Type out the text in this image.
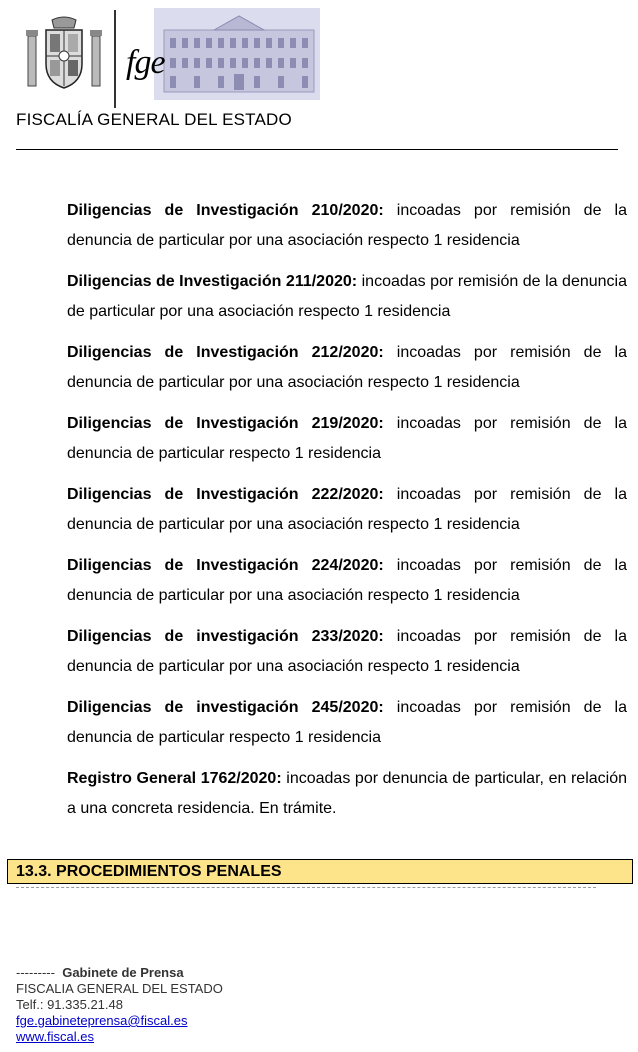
fge
FISCALÍA GENERAL DEL ESTADO

Diligencias de Investigación 210/2020: incoadas por remisión de la denuncia de particular por una asociación respecto 1 residencia

Diligencias de Investigación 211/2020: incoadas por remisión de la denuncia de particular por una asociación respecto 1 residencia

Diligencias de Investigación 212/2020: incoadas por remisión de la denuncia de particular por una asociación respecto 1 residencia

Diligencias de Investigación 219/2020: incoadas por remisión de la denuncia de particular respecto 1 residencia

Diligencias de Investigación 222/2020: incoadas por remisión de la denuncia de particular por una asociación respecto 1 residencia

Diligencias de Investigación 224/2020: incoadas por remisión de la denuncia de particular por una asociación respecto 1 residencia

Diligencias de investigación 233/2020: incoadas por remisión de la denuncia de particular por una asociación respecto 1 residencia

Diligencias de investigación 245/2020: incoadas por remisión de la denuncia de particular respecto 1 residencia

Registro General 1762/2020: incoadas por denuncia de particular, en relación a una concreta residencia. En trámite.

13.3. PROCEDIMIENTOS PENALES
--------- Gabinete de Prensa
FISCALIA GENERAL DEL ESTADO
Telf.: 91.335.21.48
fge.gabineteprensa@fiscal.es
www.fiscal.es
